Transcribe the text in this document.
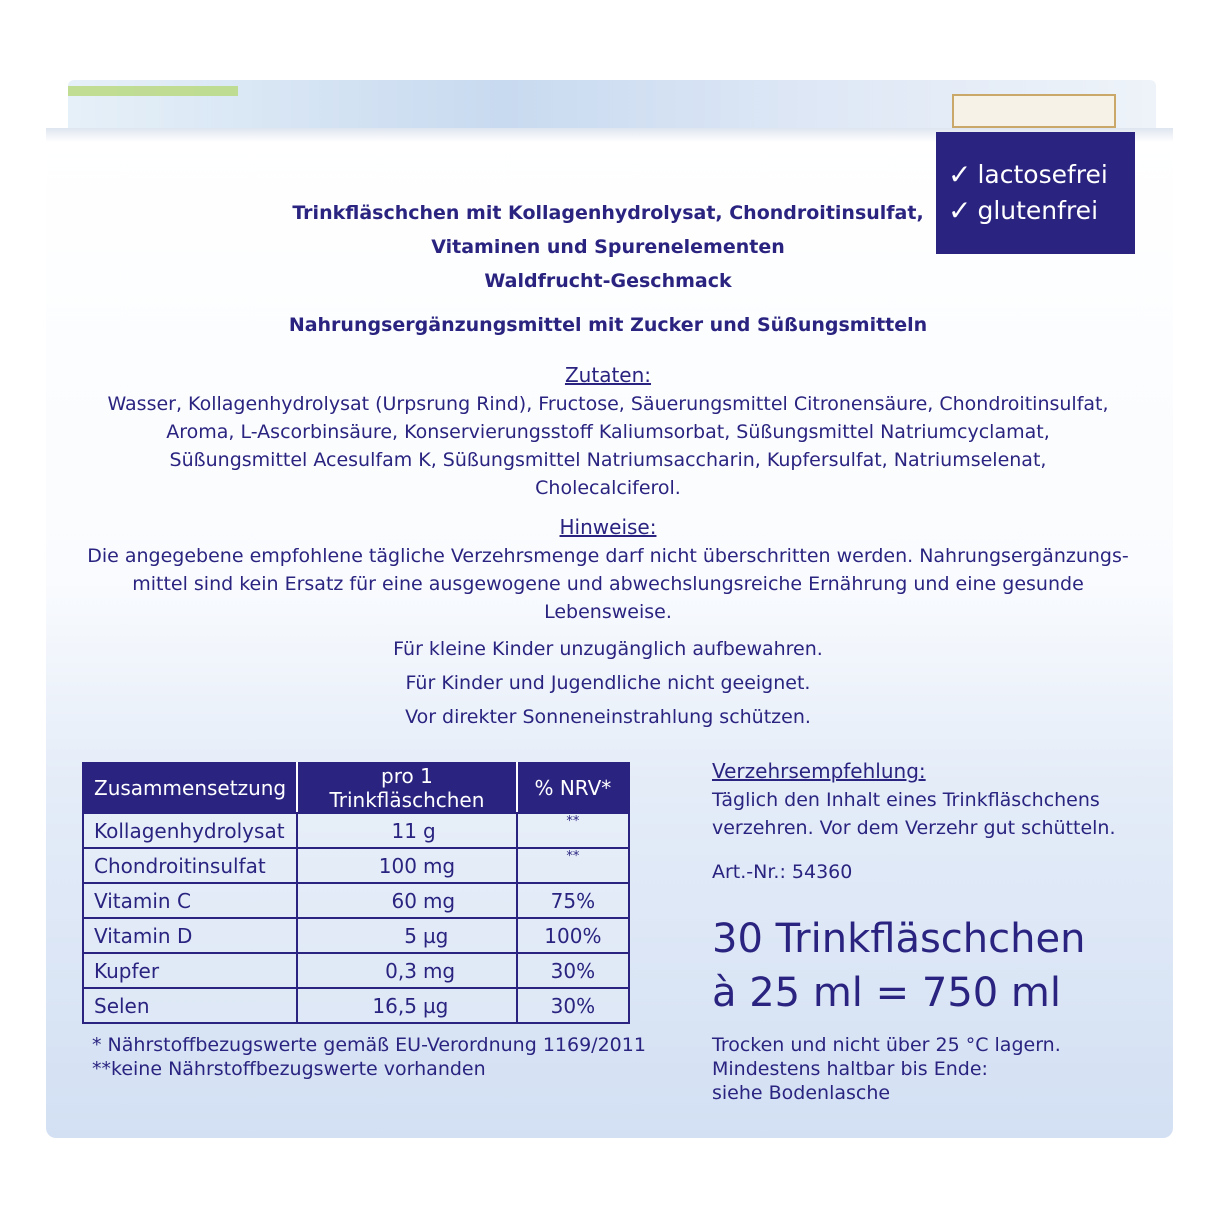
✓ lactosefrei
✓ glutenfrei
Trinkfläschchen mit Kollagenhydrolysat, Chondroitinsulfat,
Vitaminen und Spurenelementen
Waldfrucht-Geschmack
Nahrungsergänzungsmittel mit Zucker und Süßungsmitteln
Zutaten:
Wasser, Kollagenhydrolysat (Urpsrung Rind), Fructose, Säuerungsmittel Citronensäure, Chondroitinsulfat,
Aroma, L-Ascorbinsäure, Konservierungsstoff Kaliumsorbat, Süßungsmittel Natriumcyclamat,
Süßungsmittel Acesulfam K, Süßungsmittel Natriumsaccharin, Kupfersulfat, Natriumselenat,
Cholecalciferol.
Hinweise:
Die angegebene empfohlene tägliche Verzehrsmenge darf nicht überschritten werden. Nahrungsergänzungs-
mittel sind kein Ersatz für eine ausgewogene und abwechslungsreiche Ernährung und eine gesunde
Lebensweise.
Für kleine Kinder unzugänglich aufbewahren.
Für Kinder und Jugendliche nicht geeignet.
Vor direkter Sonneneinstrahlung schützen.
Zusammensetzung	pro 1 Trinkfläschchen	% NRV*
Kollagenhydrolysat	11 g	**
Chondroitinsulfat	100 mg	**
Vitamin C	60 mg	75%
Vitamin D	5 µg	100%
Kupfer	0,3 mg	30%
Selen	16,5 µg	30%
* Nährstoffbezugswerte gemäß EU-Verordnung 1169/2011
**keine Nährstoffbezugswerte vorhanden
Verzehrsempfehlung:
Täglich den Inhalt eines Trinkfläschchens
verzehren. Vor dem Verzehr gut schütteln.
Art.-Nr.: 54360
30 Trinkfläschchen
à 25 ml = 750 ml
Trocken und nicht über 25 °C lagern.
Mindestens haltbar bis Ende:
siehe Bodenlasche
